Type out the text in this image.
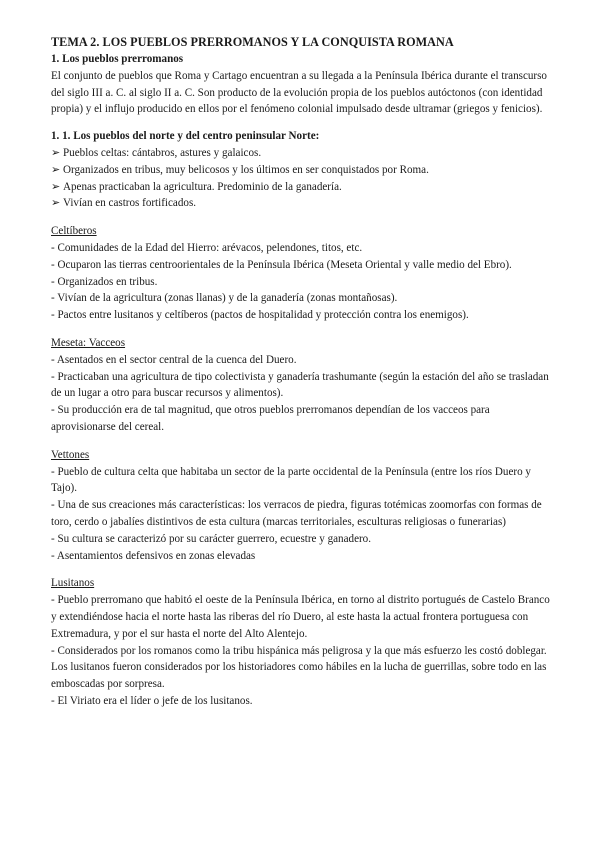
TEMA 2. LOS PUEBLOS PRERROMANOS Y LA CONQUISTA ROMANA

1. Los pueblos prerromanos

El conjunto de pueblos que Roma y Cartago encuentran a su llegada a la Península Ibérica durante el transcurso del siglo III a. C. al siglo II a. C. Son producto de la evolución propia de los pueblos autóctonos (con identidad propia) y el influjo producido en ellos por el fenómeno colonial impulsado desde ultramar (griegos y fenicios).

1. 1. Los pueblos del norte y del centro peninsular Norte:

➢ Pueblos celtas: cántabros, astures y galaicos.

➢ Organizados en tribus, muy belicosos y los últimos en ser conquistados por Roma.

➢ Apenas practicaban la agricultura. Predominio de la ganadería.

➢ Vivían en castros fortificados.

Celtíberos

- Comunidades de la Edad del Hierro: arévacos, pelendones, titos, etc.

- Ocuparon las tierras centroorientales de la Península Ibérica (Meseta Oriental y valle medio del Ebro).

- Organizados en tribus.

- Vivían de la agricultura (zonas llanas) y de la ganadería (zonas montañosas).

- Pactos entre lusitanos y celtíberos (pactos de hospitalidad y protección contra los enemigos).

Meseta: Vacceos

- Asentados en el sector central de la cuenca del Duero.

- Practicaban una agricultura de tipo colectivista y ganadería trashumante (según la estación del año se trasladan de un lugar a otro para buscar recursos y alimentos).

- Su producción era de tal magnitud, que otros pueblos prerromanos dependían de los vacceos para aprovisionarse del cereal.

Vettones

- Pueblo de cultura celta que habitaba un sector de la parte occidental de la Península (entre los ríos Duero y Tajo).

- Una de sus creaciones más características: los verracos de piedra, figuras totémicas zoomorfas con formas de toro, cerdo o jabalíes distintivos de esta cultura (marcas territoriales, esculturas religiosas o funerarias)

- Su cultura se caracterizó por su carácter guerrero, ecuestre y ganadero.

- Asentamientos defensivos en zonas elevadas

Lusitanos

- Pueblo prerromano que habitó el oeste de la Península Ibérica, en torno al distrito portugués de Castelo Branco y extendiéndose hacia el norte hasta las riberas del río Duero, al este hasta la actual frontera portuguesa con Extremadura, y por el sur hasta el norte del Alto Alentejo.

- Considerados por los romanos como la tribu hispánica más peligrosa y la que más esfuerzo les costó doblegar. Los lusitanos fueron considerados por los historiadores como hábiles en la lucha de guerrillas, sobre todo en las emboscadas por sorpresa.

- El Viriato era el líder o jefe de los lusitanos.
